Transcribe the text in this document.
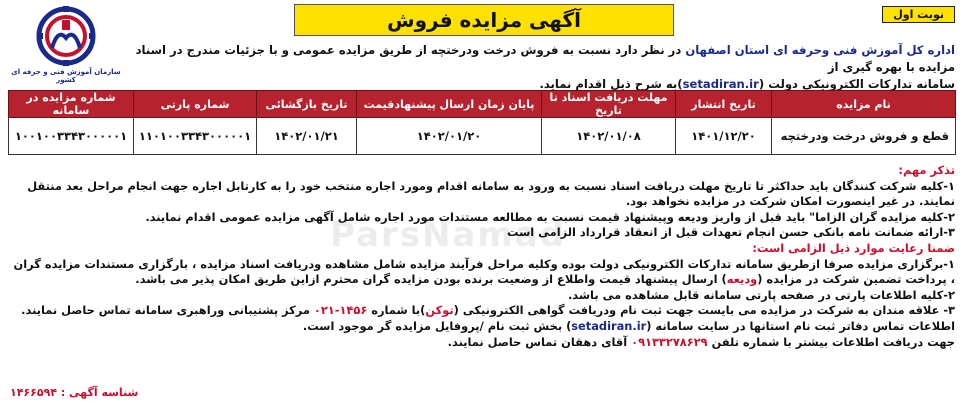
نوبت اول
آگهی مزایده فروش
سازمان آموزش فنی و حرفه ای کشور
اداره کل آموزش فنی وحرفه ای استان اصفهان در نظر دارد نسبت به فروش درخت ودرختچه از طریق مزایده عمومی و با جزئیات مندرج در اسناد مزایده با بهره گیری از
سامانه تدارکات الکترونیکی دولت (setadiran.ir)به شرح ذیل اقدام نماید.
نام مزایده	تاریخ انتشار	مهلت دریافت اسناد تا تاریخ	پایان زمان ارسال پیشنهادقیمت	تاریخ بازگشائی	شماره پارتی	شماره مزایده در سامانه
قطع و فروش درخت ودرختچه	۱۴۰۱/۱۲/۲۰	۱۴۰۲/۰۱/۰۸	۱۴۰۲/۰۱/۲۰	۱۴۰۲/۰۱/۲۱	۱۱۰۱۰۰۳۳۴۳۰۰۰۰۰۱	۱۰۰۱۰۰۳۳۴۳۰۰۰۰۰۱
ParsNamad

تذکر مهم:

۱-کلیه شرکت کنندگان باید حداکثر تا تاریخ مهلت دریافت اسناد نسبت به ورود به سامانه اقدام ومورد اجاره منتخب خود را به کارتابل اجاره جهت انجام مراحل بعد منتقل نمایند. در غیر اینصورت امکان شرکت در مزایده نخواهد بود.

۲-کلیه مزایده گران الزاما" باید قبل از واریز ودیعه وپیشنهاد قیمت نسبت به مطالعه مستندات مورد اجاره شامل آگهی مزایده عمومی اقدام نمایند.

۳-ارائه ضمانت نامه بانکی حسن انجام تعهدات قبل از انعقاد قرارداد الزامی است

ضمنا رعایت موارد ذیل الزامی است:

۱-برگزاری مزایده صرفا ازطریق سامانه تدارکات الکترونیکی دولت بوده وکلیه مراحل فرآیند مزایده شامل مشاهده ودریافت اسناد مزایده ، بارگزاری مستندات مزایده گران ، پرداخت تضمین شرکت در مزایده (ودیعه) ارسال پیشنهاد قیمت واطلاع از وضعیت برنده بودن مزایده گران محترم ازاین طریق امکان پذیر می باشد.

۲-کلیه اطلاعات پارتی در صفحه پارتی سامانه قابل مشاهده می باشد.

۳- علاقه مندان به شرکت در مزایده می بایست جهت ثبت نام ودریافت گواهی الکترونیکی (توکن)با شماره ۱۴۵۶-۰۲۱ مرکز پشتیبانی وراهبری سامانه تماس حاصل نمایند.

اطلاعات تماس دفاتر ثبت نام استانها در سایت سامانه (setadiran.ir) بخش ثبت نام /پروفایل مزایده گر موجود است.

جهت دریافت اطلاعات بیشتر با شماره تلفن ۰۹۱۳۳۲۷۸۶۲۹ آقای دهقان تماس حاصل نمایند.

شناسه آگهی : ۱۴۶۶۵۹۴
